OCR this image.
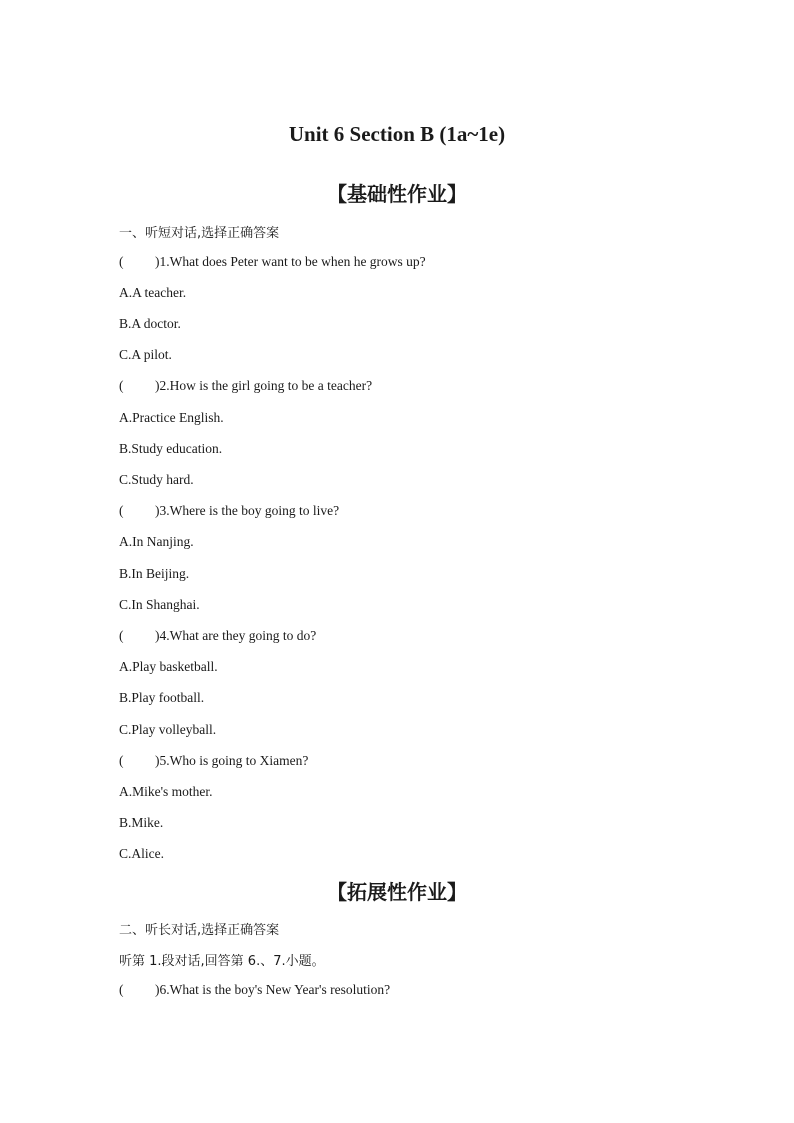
Unit 6 Section B (1a~1e)
【基础性作业】
一、听短对话,选择正确答案
( )1.What does Peter want to be when he grows up?
A.A teacher.
B.A doctor.
C.A pilot.
( )2.How is the girl going to be a teacher?
A.Practice English.
B.Study education.
C.Study hard.
( )3.Where is the boy going to live?
A.In Nanjing.
B.In Beijing.
C.In Shanghai.
( )4.What are they going to do?
A.Play basketball.
B.Play football.
C.Play volleyball.
( )5.Who is going to Xiamen?
A.Mike's mother.
B.Mike.
C.Alice.
【拓展性作业】
二、听长对话,选择正确答案
听第 1.段对话,回答第 6.、7.小题。
( )6.What is the boy's New Year's resolution?
